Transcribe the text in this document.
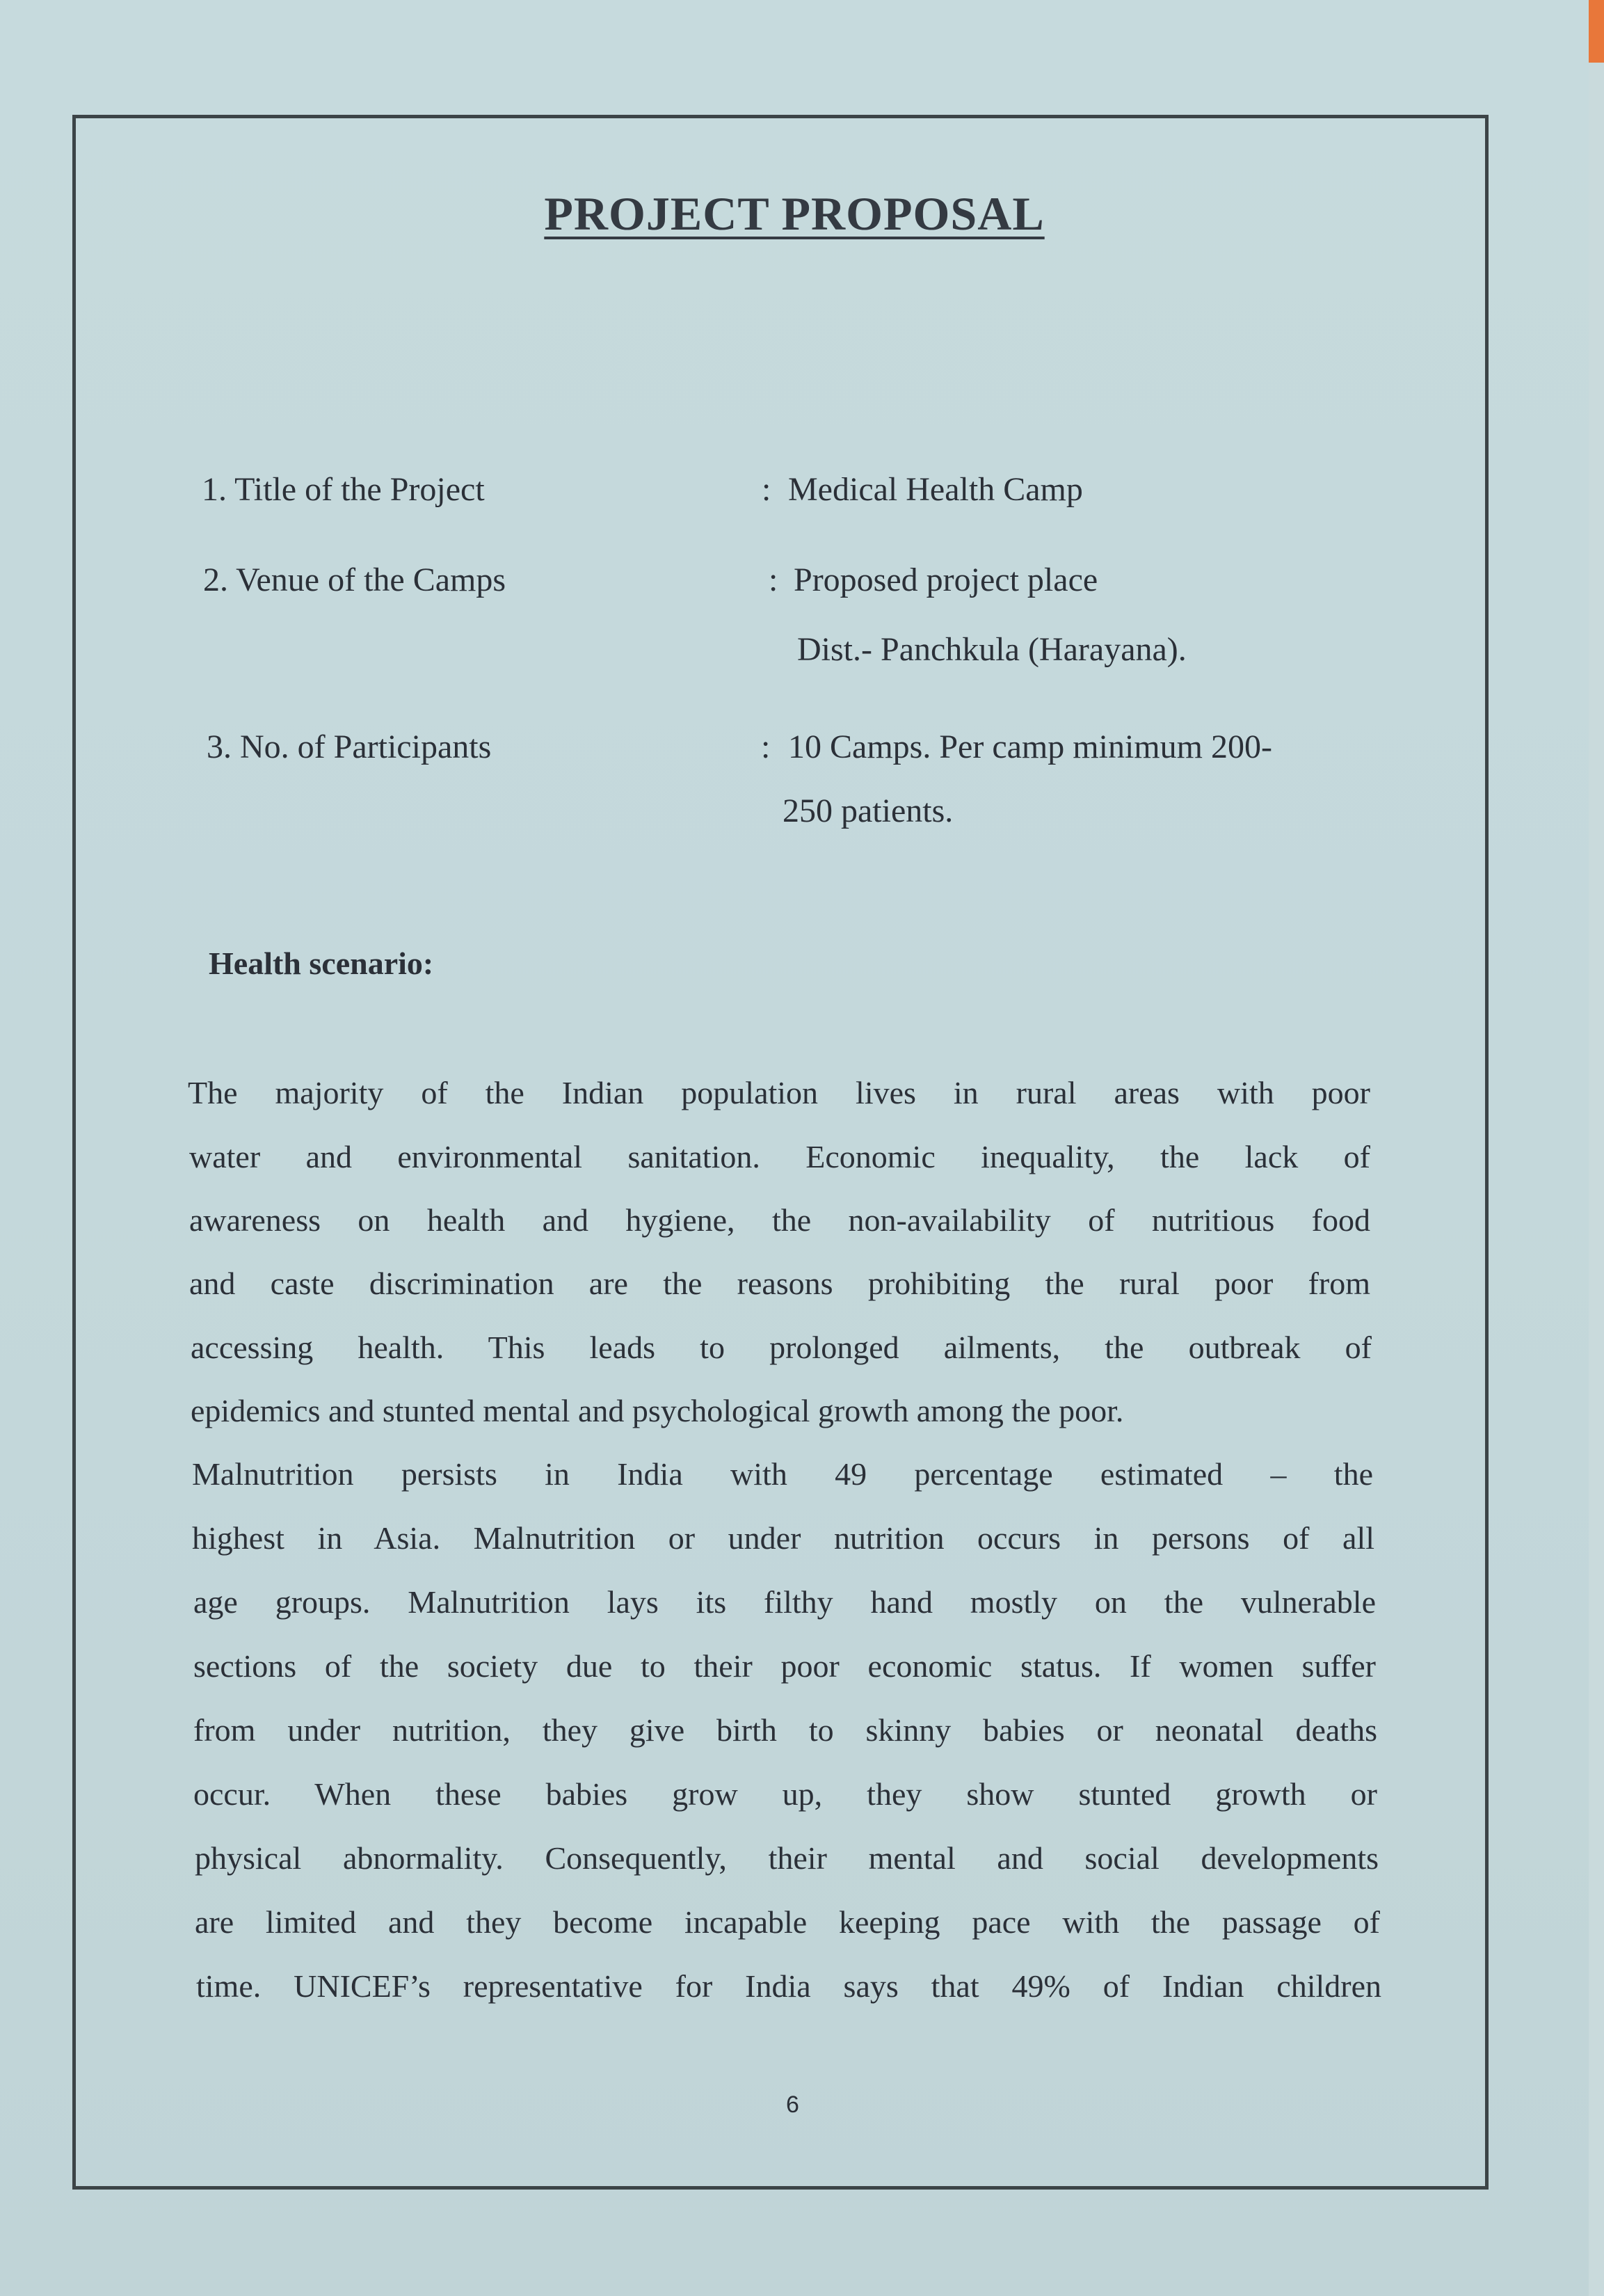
PROJECT PROPOSAL
1. Title of the Project	: Medical Health Camp
2. Venue of the Camps	: Proposed project place
Dist.- Panchkula (Harayana).
3. No. of Participants	: 10 Camps. Per camp minimum 200-
250 patients.
Health scenario:
The majority of the Indian population lives in rural areas with poor
water and environmental sanitation. Economic inequality, the lack of
awareness on health and hygiene, the non-availability of nutritious food
and caste discrimination are the reasons prohibiting the rural poor from
accessing health. This leads to prolonged ailments, the outbreak of
epidemics and stunted mental and psychological growth among the poor.
Malnutrition persists in India with 49 percentage estimated – the
highest in Asia. Malnutrition or under nutrition occurs in persons of all
age groups. Malnutrition lays its filthy hand mostly on the vulnerable
sections of the society due to their poor economic status. If women suffer
from under nutrition, they give birth to skinny babies or neonatal deaths
occur. When these babies grow up, they show stunted growth or
physical abnormality. Consequently, their mental and social developments
are limited and they become incapable keeping pace with the passage of
time. UNICEF’s representative for India says that 49% of Indian children
6
